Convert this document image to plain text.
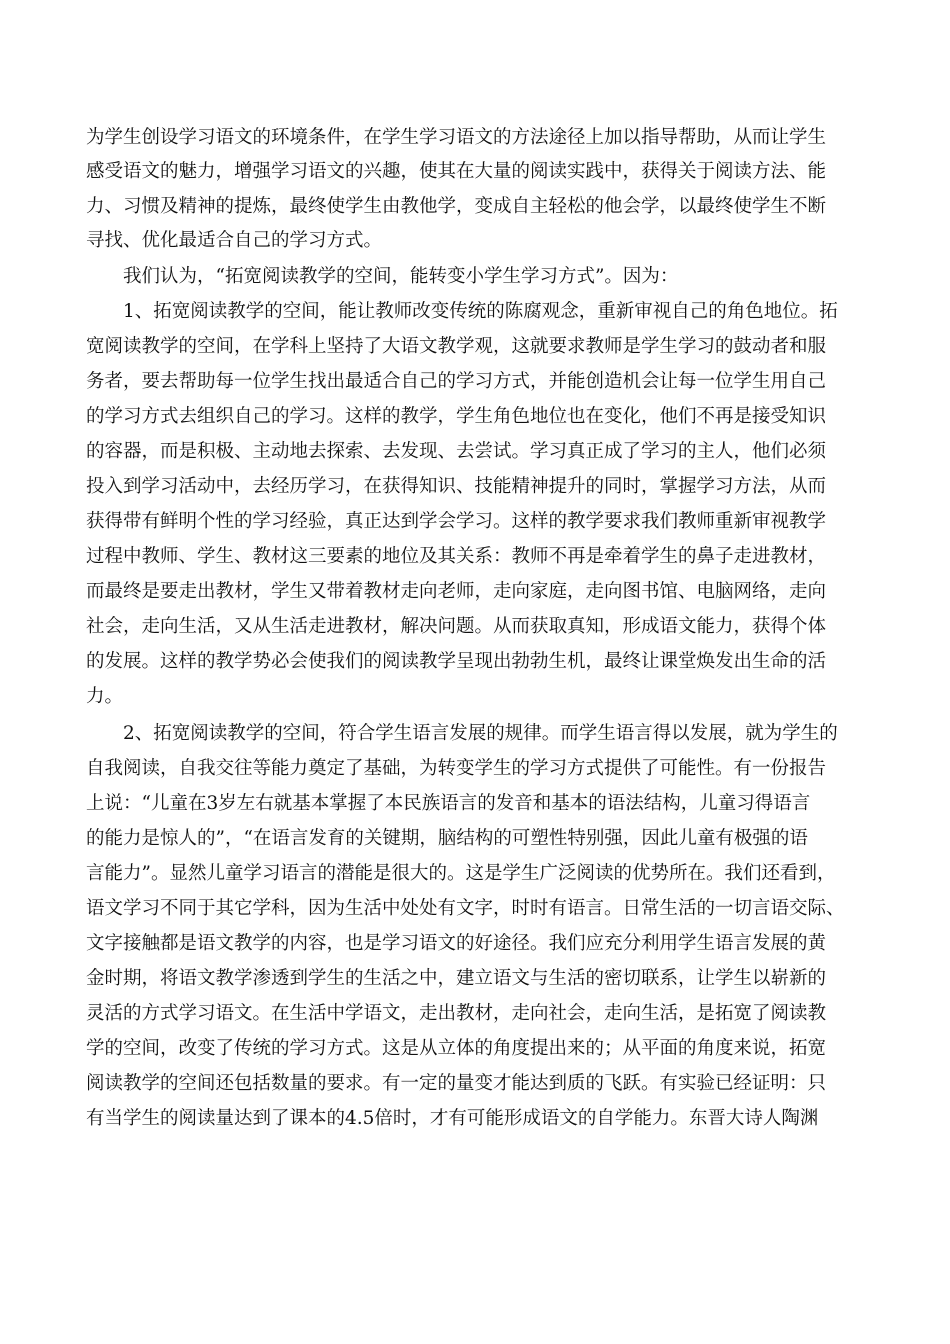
为学生创设学习语文的环境条件，在学生学习语文的方法途径上加以指导帮助，从而让学生
感受语文的魅力，增强学习语文的兴趣，使其在大量的阅读实践中，获得关于阅读方法、能
力、习惯及精神的提炼，最终使学生由教他学，变成自主轻松的他会学，以最终使学生不断
寻找、优化最适合自己的学习方式。
我们认为，“拓宽阅读教学的空间，能转变小学生学习方式”。因为：
1、拓宽阅读教学的空间，能让教师改变传统的陈腐观念，重新审视自己的角色地位。拓
宽阅读教学的空间，在学科上坚持了大语文教学观，这就要求教师是学生学习的鼓动者和服
务者，要去帮助每一位学生找出最适合自己的学习方式，并能创造机会让每一位学生用自己
的学习方式去组织自己的学习。这样的教学，学生角色地位也在变化，他们不再是接受知识
的容器，而是积极、主动地去探索、去发现、去尝试。学习真正成了学习的主人，他们必须
投入到学习活动中，去经历学习，在获得知识、技能精神提升的同时，掌握学习方法，从而
获得带有鲜明个性的学习经验，真正达到学会学习。这样的教学要求我们教师重新审视教学
过程中教师、学生、教材这三要素的地位及其关系：教师不再是牵着学生的鼻子走进教材，
而最终是要走出教材，学生又带着教材走向老师，走向家庭，走向图书馆、电脑网络，走向
社会，走向生活，又从生活走进教材，解决问题。从而获取真知，形成语文能力，获得个体
的发展。这样的教学势必会使我们的阅读教学呈现出勃勃生机，最终让课堂焕发出生命的活
力。
2、拓宽阅读教学的空间，符合学生语言发展的规律。而学生语言得以发展，就为学生的
自我阅读，自我交往等能力奠定了基础，为转变学生的学习方式提供了可能性。有一份报告
上说：“儿童在3岁左右就基本掌握了本民族语言的发音和基本的语法结构，儿童习得语言
的能力是惊人的”，“在语言发育的关键期，脑结构的可塑性特别强，因此儿童有极强的语
言能力”。显然儿童学习语言的潜能是很大的。这是学生广泛阅读的优势所在。我们还看到，
语文学习不同于其它学科，因为生活中处处有文字，时时有语言。日常生活的一切言语交际、
文字接触都是语文教学的内容，也是学习语文的好途径。我们应充分利用学生语言发展的黄
金时期，将语文教学渗透到学生的生活之中，建立语文与生活的密切联系，让学生以崭新的
灵活的方式学习语文。在生活中学语文，走出教材，走向社会，走向生活，是拓宽了阅读教
学的空间，改变了传统的学习方式。这是从立体的角度提出来的；从平面的角度来说，拓宽
阅读教学的空间还包括数量的要求。有一定的量变才能达到质的飞跃。有实验已经证明：只
有当学生的阅读量达到了课本的4.5倍时，才有可能形成语文的自学能力。东晋大诗人陶渊
